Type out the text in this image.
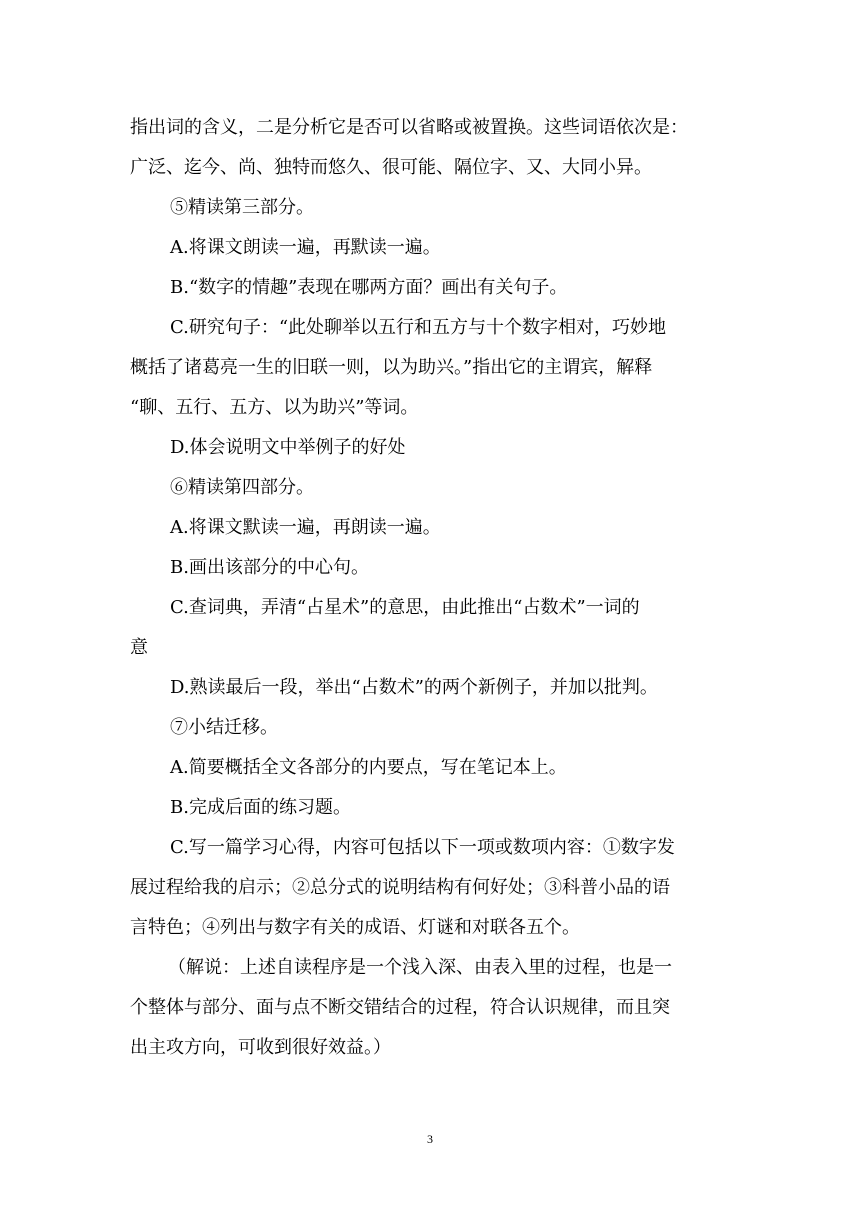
指出词的含义，二是分析它是否可以省略或被置换。这些词语依次是：
广泛、迄今、尚、独特而悠久、很可能、隔位字、又、大同小异。
⑤精读第三部分。
A.将课文朗读一遍，再默读一遍。
B.“数字的情趣”表现在哪两方面？画出有关句子。
C.研究句子：“此处聊举以五行和五方与十个数字相对，巧妙地
概括了诸葛亮一生的旧联一则，以为助兴。”指出它的主谓宾，解释
“聊、五行、五方、以为助兴”等词。
D.体会说明文中举例子的好处
⑥精读第四部分。
A.将课文默读一遍，再朗读一遍。
B.画出该部分的中心句。
C.查词典，弄清“占星术”的意思，由此推出“占数术”一词的
意
D.熟读最后一段，举出“占数术”的两个新例子，并加以批判。
⑦小结迁移。
A.简要概括全文各部分的内要点，写在笔记本上。
B.完成后面的练习题。
C.写一篇学习心得，内容可包括以下一项或数项内容：①数字发
展过程给我的启示；②总分式的说明结构有何好处；③科普小品的语
言特色；④列出与数字有关的成语、灯谜和对联各五个。
（解说：上述自读程序是一个浅入深、由表入里的过程，也是一
个整体与部分、面与点不断交错结合的过程，符合认识规律，而且突
出主攻方向，可收到很好效益。）
3
